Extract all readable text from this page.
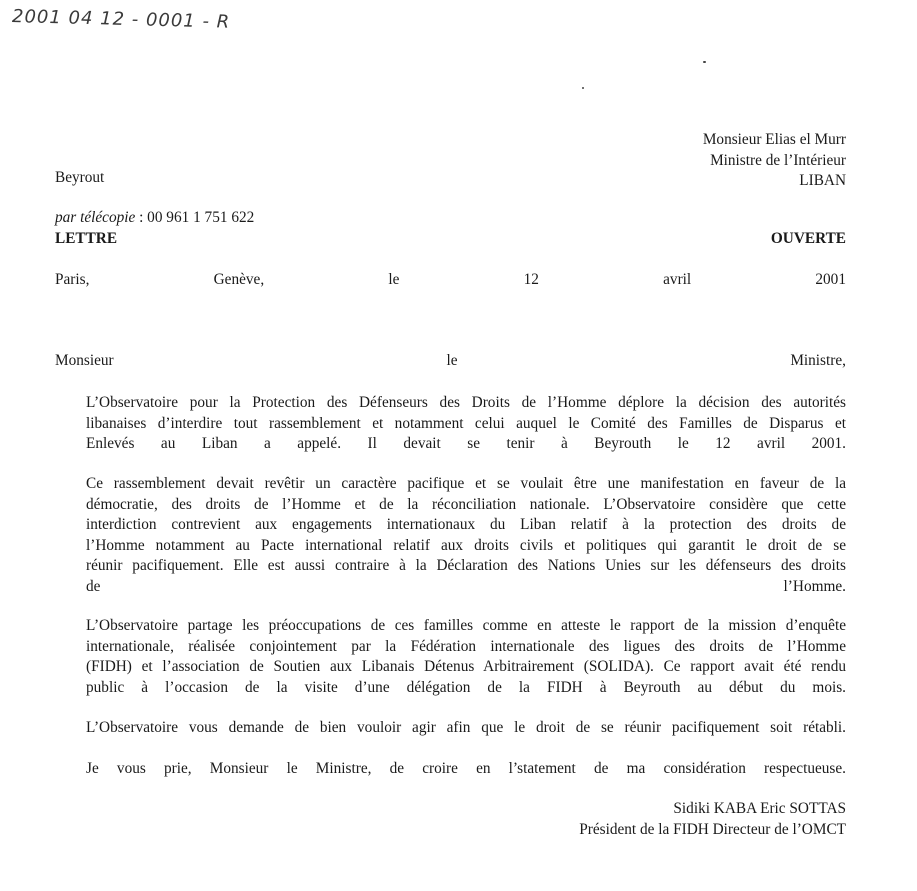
2001 04 12 - 0001 - R
Monsieur Elias el Murr
Ministre de l’Intérieur
LIBAN
Beyrout
par télécopie : 00 961 1 751 622
LETTRE	OUVERTE
Paris,	Genève,	le	12	avril	2001
Monsieur	le	Ministre,
L’Observatoire pour la Protection des Défenseurs des Droits de l’Homme déplore la décision des autorités
libanaises d’interdire tout rassemblement et notamment celui auquel le Comité des Familles de Disparus et
Enlevés au Liban a appelé. Il devait se tenir à Beyrouth le 12 avril 2001.
Ce rassemblement devait revêtir un caractère pacifique et se voulait être une manifestation en faveur de la
démocratie, des droits de l’Homme et de la réconciliation nationale. L’Observatoire considère que cette
interdiction contrevient aux engagements internationaux du Liban relatif à la protection des droits de
l’Homme notamment au Pacte international relatif aux droits civils et politiques qui garantit le droit de se
réunir pacifiquement. Elle est aussi contraire à la Déclaration des Nations Unies sur les défenseurs des droits
de	l’Homme.
L’Observatoire partage les préoccupations de ces familles comme en atteste le rapport de la mission d’enquête
internationale, réalisée conjointement par la Fédération internationale des ligues des droits de l’Homme
(FIDH) et l’association de Soutien aux Libanais Détenus Arbitrairement (SOLIDA). Ce rapport avait été rendu
public à l’occasion de la visite d’une délégation de la FIDH à Beyrouth au début du mois.
L’Observatoire vous demande de bien vouloir agir afin que le droit de se réunir pacifiquement soit rétabli.
Je vous prie, Monsieur le Ministre, de croire en l’statement de ma considération respectueuse.
Sidiki KABA Eric SOTTAS
Président de la FIDH Directeur de l’OMCT
